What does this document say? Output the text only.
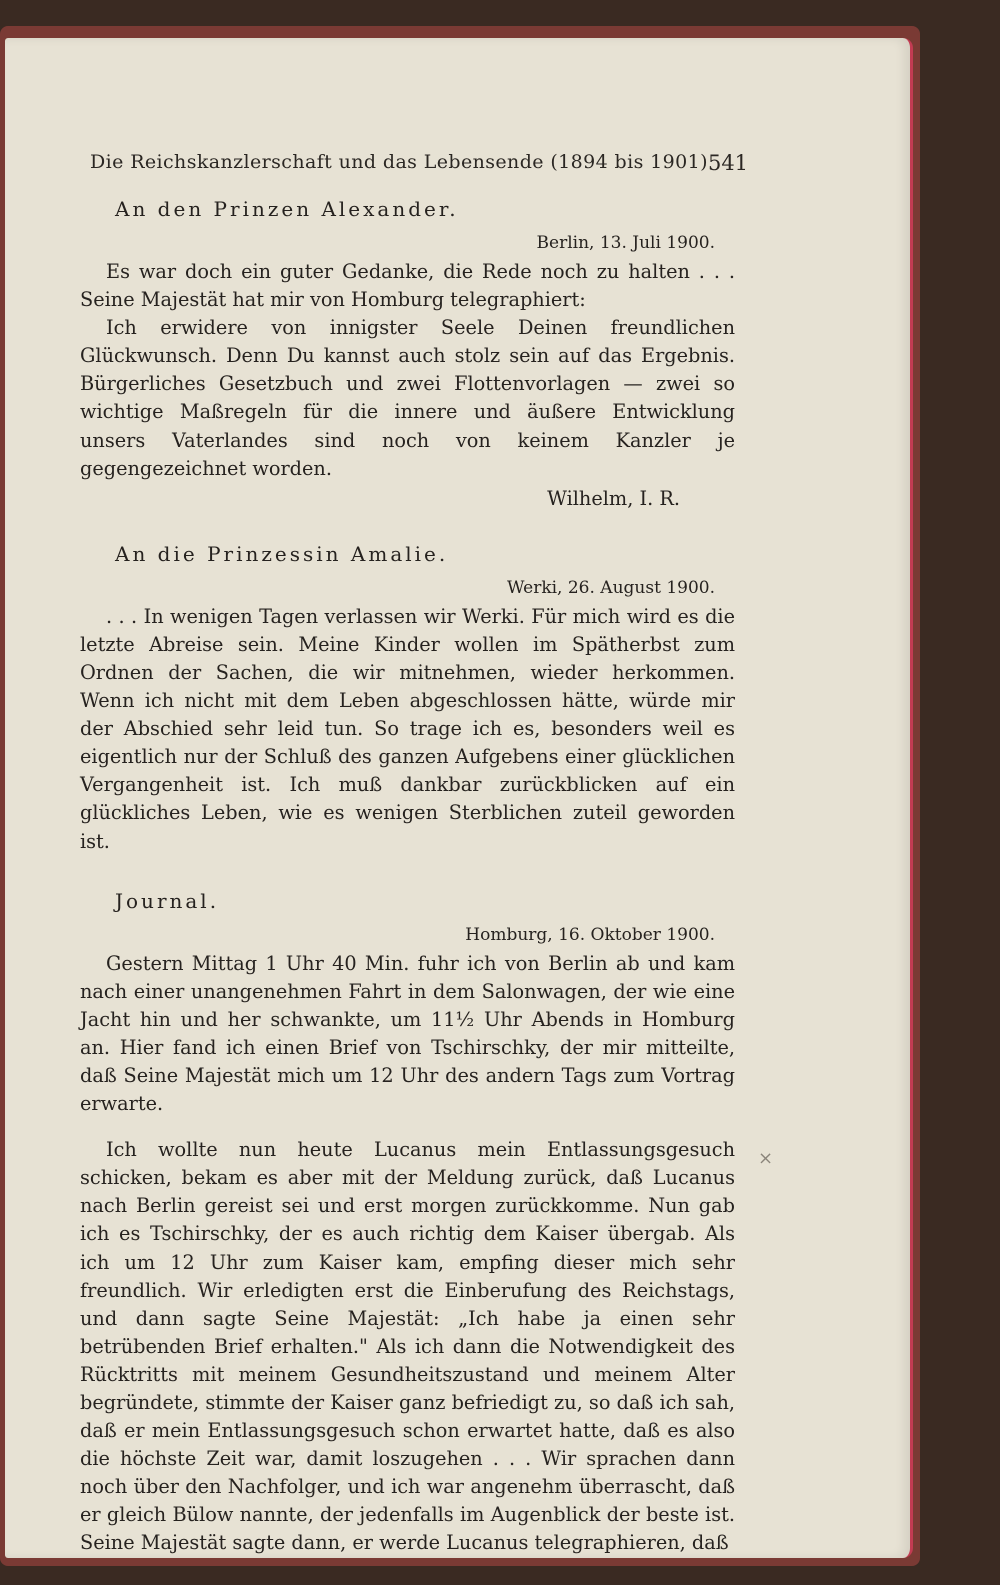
Die Reichskanzlerschaft und das Lebensende (1894 bis 1901) 541
An den Prinzen Alexander.
Berlin, 13. Juli 1900.

Es war doch ein guter Gedanke, die Rede noch zu halten . . . Seine Majestät hat mir von Homburg telegraphiert:

Ich erwidere von innigster Seele Deinen freundlichen Glückwunsch. Denn Du kannst auch stolz sein auf das Ergebnis. Bürgerliches Gesetzbuch und zwei Flottenvorlagen — zwei so wichtige Maßregeln für die innere und äußere Entwicklung unsers Vaterlandes sind noch von keinem Kanzler je gegengezeichnet worden.

Wilhelm, I. R.
An die Prinzessin Amalie.
Werki, 26. August 1900.

. . . In wenigen Tagen verlassen wir Werki. Für mich wird es die letzte Abreise sein. Meine Kinder wollen im Spätherbst zum Ordnen der Sachen, die wir mitnehmen, wieder herkommen. Wenn ich nicht mit dem Leben abgeschlossen hätte, würde mir der Abschied sehr leid tun. So trage ich es, besonders weil es eigentlich nur der Schluß des ganzen Aufgebens einer glücklichen Vergangenheit ist. Ich muß dankbar zurückblicken auf ein glückliches Leben, wie es wenigen Sterblichen zuteil geworden ist.

Journal.
Homburg, 16. Oktober 1900.

Gestern Mittag 1 Uhr 40 Min. fuhr ich von Berlin ab und kam nach einer unangenehmen Fahrt in dem Salonwagen, der wie eine Jacht hin und her schwankte, um 11½ Uhr Abends in Homburg an. Hier fand ich einen Brief von Tschirschky, der mir mitteilte, daß Seine Majestät mich um 12 Uhr des andern Tags zum Vortrag erwarte.

Ich wollte nun heute Lucanus mein Entlassungsgesuch schicken, bekam es aber mit der Meldung zurück, daß Lucanus nach Berlin gereist sei und erst morgen zurückkomme. Nun gab ich es Tschirschky, der es auch richtig dem Kaiser übergab. Als ich um 12 Uhr zum Kaiser kam, empfing dieser mich sehr freundlich. Wir erledigten erst die Einberufung des Reichstags, und dann sagte Seine Majestät: „Ich habe ja einen sehr betrübenden Brief erhalten." Als ich dann die Notwendigkeit des Rücktritts mit meinem Gesundheitszustand und meinem Alter begründete, stimmte der Kaiser ganz befriedigt zu, so daß ich sah, daß er mein Entlassungsgesuch schon erwartet hatte, daß es also die höchste Zeit war, damit loszugehen . . . Wir sprachen dann noch über den Nachfolger, und ich war angenehm überrascht, daß er gleich Bülow nannte, der jedenfalls im Augenblick der beste ist. Seine Majestät sagte dann, er werde Lucanus telegraphieren, daß

×
